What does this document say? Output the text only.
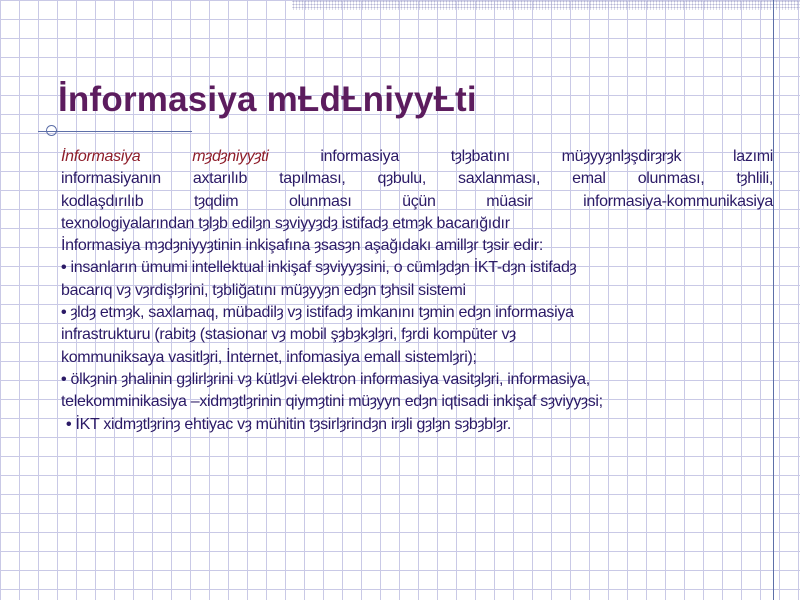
İnformasiya mȽdȽniyyȽti

İnformasiya mȝdȝniyyȝti	informasiya tȝlȝbatını müȝyyȝnlȝşdirȝrȝk lazımi

informasiyanın axtarılıb tapılması, qȝbulu, saxlanması, emal olunması, tȝhlili,

kodlaşdırılıb tȝqdim olunması üçün müasir informasiya-kommunikasiya

texnologiyalarından tȝlȝb edilȝn sȝviyyȝdȝ istifadȝ etmȝk bacarığıdır

İnformasiya mȝdȝniyyȝtinin inkişafına ȝsasȝn aşağıdakı amillȝr tȝsir edir:

• insanların ümumi intellektual inkişaf sȝviyyȝsini, o cümlȝdȝn İKT-dȝn istifadȝ

bacarıq vȝ vȝrdişlȝrini, tȝbliğatını müȝyyȝn edȝn tȝhsil sistemi

• ȝldȝ etmȝk, saxlamaq, mübadilȝ vȝ istifadȝ imkanını tȝmin edȝn informasiya

infrastrukturu (rabitȝ (stasionar vȝ mobil şȝbȝkȝlȝri, fȝrdi kompüter vȝ

kommuniksaya vasitlȝri, İnternet, infomasiya emall sistemlȝri);

• ölkȝnin ȝhalinin gȝlirlȝrini vȝ kütlȝvi elektron informasiya vasitȝlȝri, informasiya,

telekomminikasiya –xidmȝtlȝrinin qiymȝtini müȝyyn edȝn iqtisadi inkişaf sȝviyyȝsi;

• İKT xidmȝtlȝrinȝ ehtiyac vȝ mühitin tȝsirlȝrindȝn irȝli gȝlȝn sȝbȝblȝr.
